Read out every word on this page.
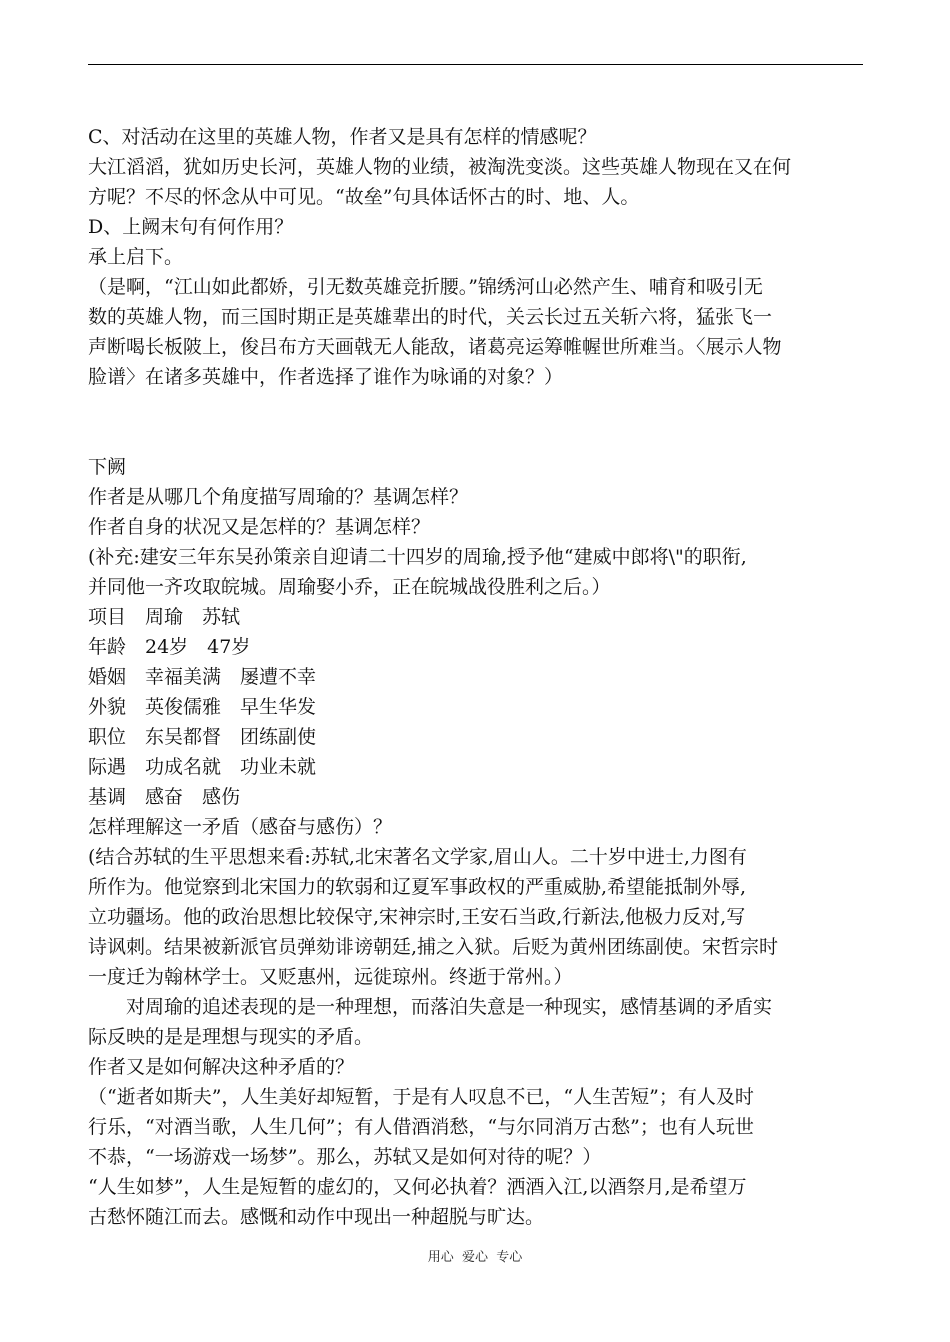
C、对活动在这里的英雄人物，作者又是具有怎样的情感呢？
大江滔滔，犹如历史长河，英雄人物的业绩，被淘洗变淡。这些英雄人物现在又在何
方呢？不尽的怀念从中可见。“故垒”句具体话怀古的时、地、人。
D、上阙末句有何作用？
承上启下。
（是啊，“江山如此都娇，引无数英雄竞折腰。”锦绣河山必然产生、哺育和吸引无
数的英雄人物，而三国时期正是英雄辈出的时代，关云长过五关斩六将，猛张飞一
声断喝长板陂上，俊吕布方天画戟无人能敌，诸葛亮运筹帷幄世所难当。〈展示人物
脸谱〉在诸多英雄中，作者选择了谁作为咏诵的对象？）
下阙
作者是从哪几个角度描写周瑜的？基调怎样？
作者自身的状况又是怎样的？基调怎样？
(补充:建安三年东吴孙策亲自迎请二十四岁的周瑜,授予他“建威中郎将\"的职衔,
并同他一齐攻取皖城。周瑜娶小乔，正在皖城战役胜利之后。）
项目　周瑜　苏轼
年龄　24岁　47岁
婚姻　幸福美满　屡遭不幸
外貌　英俊儒雅　早生华发
职位　东吴都督　团练副使
际遇　功成名就　功业未就
基调　感奋　感伤
怎样理解这一矛盾（感奋与感伤）？
(结合苏轼的生平思想来看:苏轼,北宋著名文学家,眉山人。二十岁中进士,力图有
所作为。他觉察到北宋国力的软弱和辽夏军事政权的严重威胁,希望能抵制外辱,
立功疆场。他的政治思想比较保守,宋神宗时,王安石当政,行新法,他极力反对,写
诗讽刺。结果被新派官员弹劾诽谤朝廷,捕之入狱。后贬为黄州团练副使。宋哲宗时
一度迁为翰林学士。又贬惠州，远徙琼州。终逝于常州。）
　　对周瑜的追述表现的是一种理想，而落泊失意是一种现实，感情基调的矛盾实
际反映的是是理想与现实的矛盾。
作者又是如何解决这种矛盾的？
（“逝者如斯夫”，人生美好却短暂，于是有人叹息不已，“人生苦短”；有人及时
行乐，“对酒当歌，人生几何”；有人借酒消愁，“与尔同消万古愁”；也有人玩世
不恭，“一场游戏一场梦”。那么，苏轼又是如何对待的呢？）
“人生如梦”，人生是短暂的虚幻的，又何必执着？洒酒入江,以酒祭月,是希望万
古愁怀随江而去。感慨和动作中现出一种超脱与旷达。
用心  爱心  专心
